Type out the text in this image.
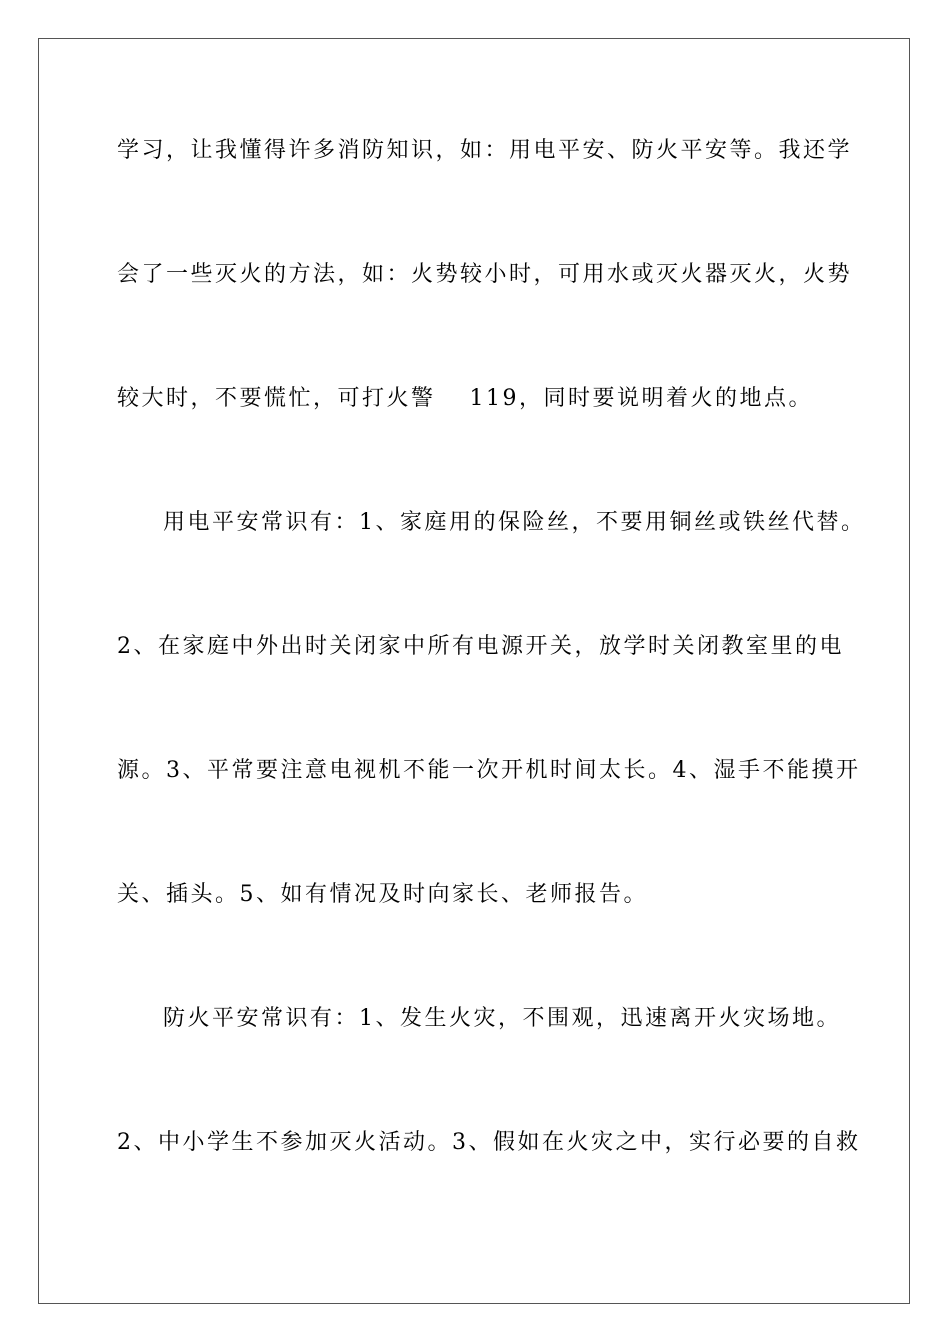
学习，让我懂得许多消防知识，如：用电平安、防火平安等。我还学
会了一些灭火的方法，如：火势较小时，可用水或灭火器灭火，火势
较大时，不要慌忙，可打火警　 119，同时要说明着火的地点。
用电平安常识有：1、家庭用的保险丝，不要用铜丝或铁丝代替。
2、在家庭中外出时关闭家中所有电源开关，放学时关闭教室里的电
源。3、平常要注意电视机不能一次开机时间太长。4、湿手不能摸开
关、插头。5、如有情况及时向家长、老师报告。
防火平安常识有：1、发生火灾，不围观，迅速离开火灾场地。
2、中小学生不参加灭火活动。3、假如在火灾之中，实行必要的自救
